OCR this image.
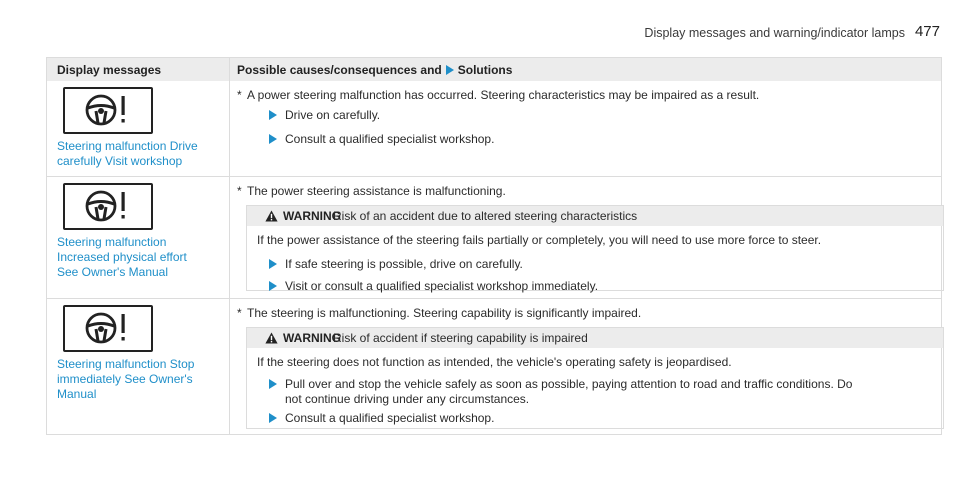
Display messages and warning/indicator lamps 477
Display messages	Possible causes/consequences and Solutions
Steering malfunction Drive
carefully Visit workshop
* A power steering malfunction has occurred. Steering characteristics may be impaired as a result.
Drive on carefully.
Consult a qualified specialist workshop.
Steering malfunction
Increased physical effort
See Owner's Manual
* The power steering assistance is malfunctioning.
WARNING
Risk of an accident due to altered steering characteristics
If the power assistance of the steering fails partially or completely, you will need to use more force to steer.
If safe steering is possible, drive on carefully.
Visit or consult a qualified specialist workshop immediately.
Steering malfunction Stop
immediately See Owner's
Manual
* The steering is malfunctioning. Steering capability is significantly impaired.
WARNING
Risk of accident if steering capability is impaired
If the steering does not function as intended, the vehicle's operating safety is jeopardised.
Pull over and stop the vehicle safely as soon as possible, paying attention to road and traffic conditions. Do
not continue driving under any circumstances.
Consult a qualified specialist workshop.
